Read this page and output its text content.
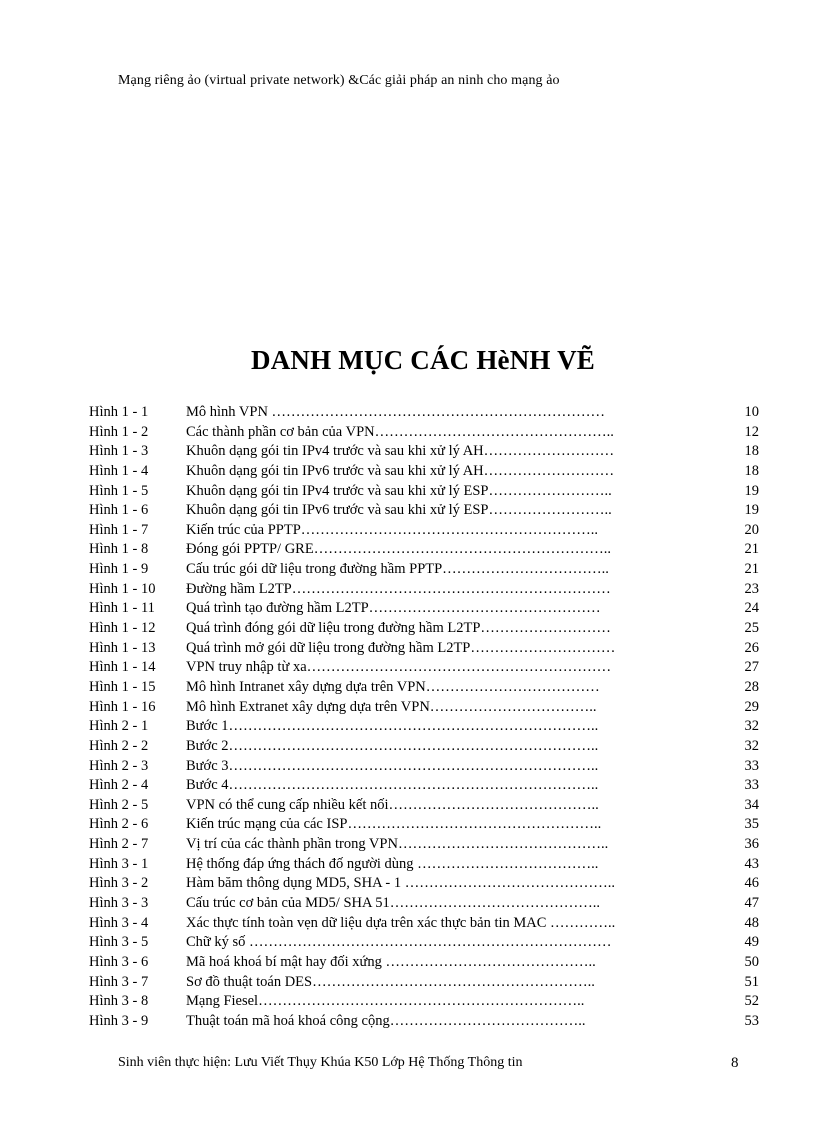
Mạng riêng ảo (virtual private network) &Các giải pháp an ninh cho mạng ảo
DANH MỤC CÁC HèNH VẼ
Hình 1 - 1	Mô hình VPN ……………………………………………………………	10
Hình 1 - 2	Các thành phần cơ bản của VPN…………………………………………..	12
Hình 1 - 3	Khuôn dạng gói tin IPv4 trước và sau khi xử lý AH………………………	18
Hình 1 - 4	Khuôn dạng gói tin IPv6 trước và sau khi xử lý AH………………………	18
Hình 1 - 5	Khuôn dạng gói tin IPv4 trước và sau khi xử lý ESP……………………..	19
Hình 1 - 6	Khuôn dạng gói tin IPv6 trước và sau khi xử lý ESP……………………..	19
Hình 1 - 7	Kiến trúc của PPTP……………………………………………………..	20
Hình 1 - 8	Đóng gói PPTP/ GRE……………………………………………………..	21
Hình 1 - 9	Cấu trúc gói dữ liệu trong đường hầm PPTP……………………………..	21
Hình 1 - 10 Đường hầm L2TP…………………………………………………………	23
Hình 1 - 11 Quá trình tạo đường hầm L2TP…………………………………………	24
Hình 1 - 12 Quá trình đóng gói dữ liệu trong đường hầm L2TP………………………	25
Hình 1 - 13 Quá trình mở gói dữ liệu trong đường hầm L2TP…………………………	26
Hình 1 - 14 VPN truy nhập từ xa………………………………………………………	27
Hình 1 - 15 Mô hình Intranet xây dựng dựa trên VPN………………………………	28
Hình 1 - 16 Mô hình Extranet xây dựng dựa trên VPN……………………………..	29
Hình 2 - 1	Bước 1…………………………………………………………………..	32
Hình 2 - 2	Bước 2…………………………………………………………………..	32
Hình 2 - 3	Bước 3…………………………………………………………………..	33
Hình 2 - 4	Bước 4…………………………………………………………………..	33
Hình 2 - 5	VPN có thể cung cấp nhiều kết nối……………………………………..	34
Hình 2 - 6	Kiến trúc mạng của các ISP……………………………………………..	35
Hình 2 - 7	Vị trí của các thành phần trong VPN……………………………………..	36
Hình 3 - 1	Hệ thống đáp ứng thách đố người dùng ………………………………..	43
Hình 3 - 2	Hàm băm thông dụng MD5, SHA - 1 ……………………………………..	46
Hình 3 - 3	Cấu trúc cơ bản của MD5/ SHA 51……………………………………..	47
Hình 3 - 4	Xác thực tính toàn vẹn dữ liệu dựa trên xác thực bản tin MAC …………..	48
Hình 3 - 5	Chữ ký số …………………………………………………………………	49
Hình 3 - 6	Mã hoá khoá bí mật hay đối xứng ……………………………………..	50
Hình 3 - 7	Sơ đồ thuật toán DES…………………………………………………..	51
Hình 3 - 8	Mạng Fiesel…………………………………………………………..	52
Hình 3 - 9	Thuật toán mã hoá khoá công cộng…………………………………..	53
Sinh viên thực hiện: Lưu Viết Thụy Khúa K50 Lớp Hệ Thống Thông tin	8
